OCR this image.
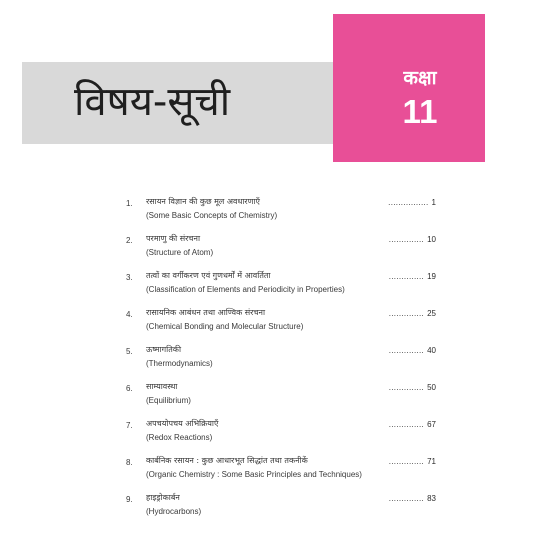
विषय-सूची
कक्षा
11
1. रसायन विज्ञान की कुछ मूल अवधारणाएँ
(Some Basic Concepts of Chemistry)
................ 1
2. परमाणु की संरचना
(Structure of Atom)
.............. 10
3. तत्वों का वर्गीकरण एवं गुणधर्मों में आवर्तिता
(Classification of Elements and Periodicity in Properties)
.............. 19
4. रासायनिक आबंधन तथा आण्विक संरचना
(Chemical Bonding and Molecular Structure)
.............. 25
5. ऊष्मागतिकी
(Thermodynamics)
.............. 40
6. साम्यावस्था
(Equilibrium)
.............. 50
7. अपचयोपचय अभिक्रियाएँ
(Redox Reactions)
.............. 67
8. कार्बनिक रसायन : कुछ आधारभूत सिद्धांत तथा तकनीकें
(Organic Chemistry : Some Basic Principles and Techniques)
.............. 71
9. हाइड्रोकार्बन
(Hydrocarbons)
.............. 83
